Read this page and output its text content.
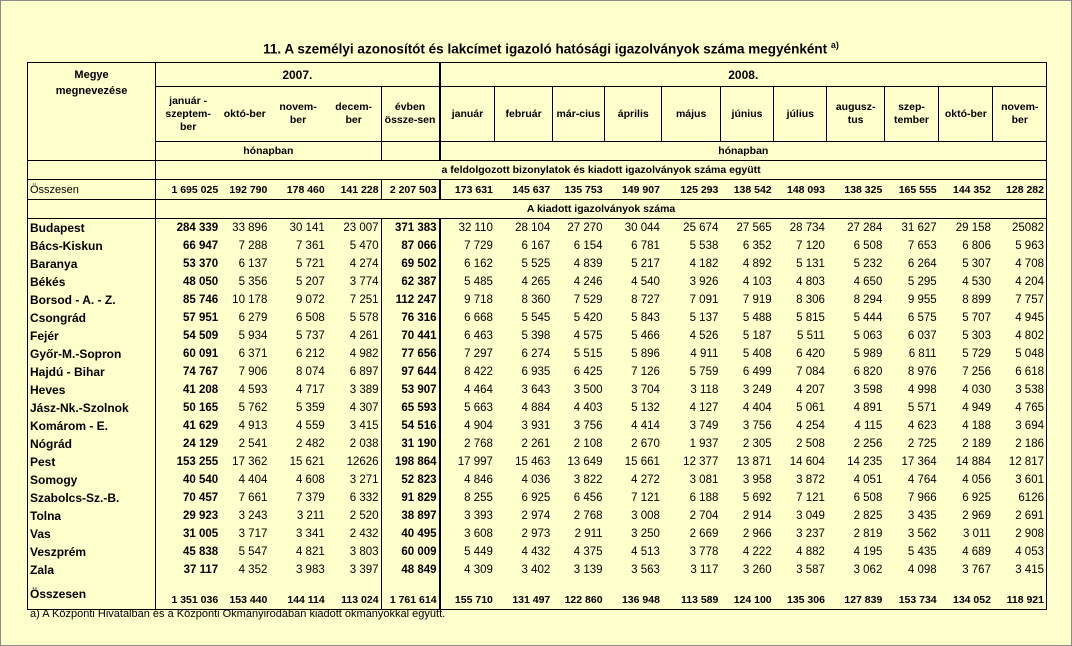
11. A személyi azonosítót és lakcímet igazoló hatósági igazolványok száma megyénként $^{a)}$
Megye
megnevezése	2007.					2008.										
	január - szeptem-ber	októ-ber	novem-ber	decem-ber	évben össze-sen	január	február	már-cius	április	május	június	július	augusz-tus	szep-tember	októ-ber	novem-ber
	hónapban					hónapban										
	a feldolgozott bizonylatok és kiadott igazolványok száma együtt															
Összesen	1 695 025	192 790	178 460	141 228	2 207 503	173 631	145 637	135 753	149 907	125 293	138 542	148 093	138 325	165 555	144 352	128 282
	A kiadott igazolványok száma															
Budapest	284 339	33 896	30 141	23 007	371 383	32 110	28 104	27 270	30 044	25 674	27 565	28 734	27 284	31 627	29 158	25082
Bács-Kiskun	66 947	7 288	7 361	5 470	87 066	7 729	6 167	6 154	6 781	5 538	6 352	7 120	6 508	7 653	6 806	5 963
Baranya	53 370	6 137	5 721	4 274	69 502	6 162	5 525	4 839	5 217	4 182	4 892	5 131	5 232	6 264	5 307	4 708
Békés	48 050	5 356	5 207	3 774	62 387	5 485	4 265	4 246	4 540	3 926	4 103	4 803	4 650	5 295	4 530	4 204
Borsod - A. - Z.	85 746	10 178	9 072	7 251	112 247	9 718	8 360	7 529	8 727	7 091	7 919	8 306	8 294	9 955	8 899	7 757
Csongrád	57 951	6 279	6 508	5 578	76 316	6 668	5 545	5 420	5 843	5 137	5 488	5 815	5 444	6 575	5 707	4 945
Fejér	54 509	5 934	5 737	4 261	70 441	6 463	5 398	4 575	5 466	4 526	5 187	5 511	5 063	6 037	5 303	4 802
Győr-M.-Sopron	60 091	6 371	6 212	4 982	77 656	7 297	6 274	5 515	5 896	4 911	5 408	6 420	5 989	6 811	5 729	5 048
Hajdú - Bihar	74 767	7 906	8 074	6 897	97 644	8 422	6 935	6 425	7 126	5 759	6 499	7 084	6 820	8 976	7 256	6 618
Heves	41 208	4 593	4 717	3 389	53 907	4 464	3 643	3 500	3 704	3 118	3 249	4 207	3 598	4 998	4 030	3 538
Jász-Nk.-Szolnok	50 165	5 762	5 359	4 307	65 593	5 663	4 884	4 403	5 132	4 127	4 404	5 061	4 891	5 571	4 949	4 765
Komárom - E.	41 629	4 913	4 559	3 415	54 516	4 904	3 931	3 756	4 414	3 749	3 756	4 254	4 115	4 623	4 188	3 694
Nógrád	24 129	2 541	2 482	2 038	31 190	2 768	2 261	2 108	2 670	1 937	2 305	2 508	2 256	2 725	2 189	2 186
Pest	153 255	17 362	15 621	12626	198 864	17 997	15 463	13 649	15 661	12 377	13 871	14 604	14 235	17 364	14 884	12 817
Somogy	40 540	4 404	4 608	3 271	52 823	4 846	4 036	3 822	4 272	3 081	3 958	3 872	4 051	4 764	4 056	3 601
Szabolcs-Sz.-B.	70 457	7 661	7 379	6 332	91 829	8 255	6 925	6 456	7 121	6 188	5 692	7 121	6 508	7 966	6 925	6126
Tolna	29 923	3 243	3 211	2 520	38 897	3 393	2 974	2 768	3 008	2 704	2 914	3 049	2 825	3 435	2 969	2 691
Vas	31 005	3 717	3 341	2 432	40 495	3 608	2 973	2 911	3 250	2 669	2 966	3 237	2 819	3 562	3 011	2 908
Veszprém	45 838	5 547	4 821	3 803	60 009	5 449	4 432	4 375	4 513	3 778	4 222	4 882	4 195	5 435	4 689	4 053
Zala	37 117	4 352	3 983	3 397	48 849	4 309	3 402	3 139	3 563	3 117	3 260	3 587	3 062	4 098	3 767	3 415
Összesen	1 351 036	153 440	144 114	113 024	1 761 614	155 710	131 497	122 860	136 948	113 589	124 100	135 306	127 839	153 734	134 052	118 921
a) A Központi Hivatalban és a Központi Okmányirodában kiadott okmányokkal együtt.
